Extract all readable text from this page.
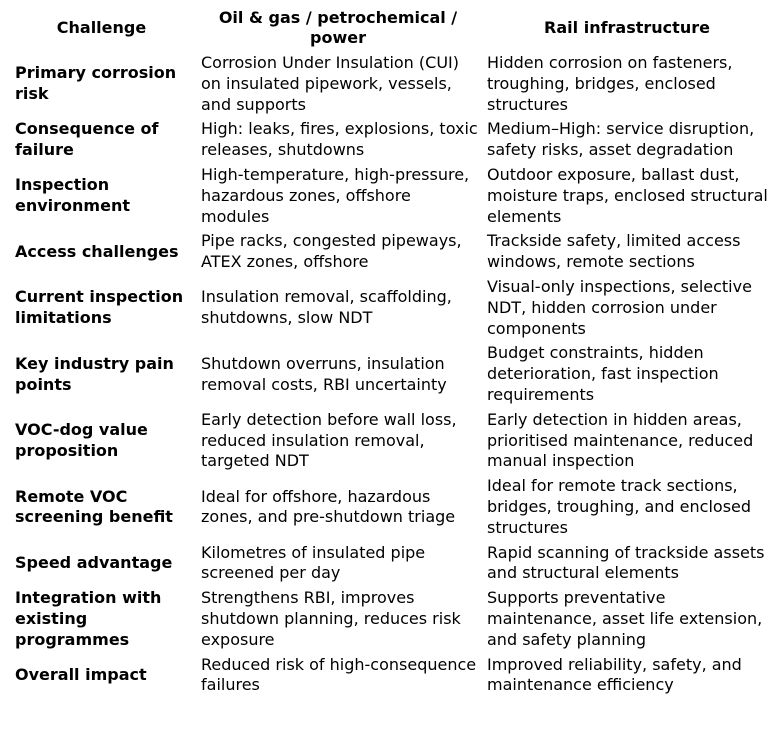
Challenge	Oil & gas / petrochemical / power	Rail infrastructure
Primary corrosion risk	Corrosion Under Insulation (CUI) on insulated pipework, vessels, and supports	Hidden corrosion on fasteners, troughing, bridges, enclosed structures
Consequence of failure	High: leaks, fires, explosions, toxic releases, shutdowns	Medium–High: service disruption, safety risks, asset degradation
Inspection environment	High-temperature, high-pressure, hazardous zones, offshore modules	Outdoor exposure, ballast dust, moisture traps, enclosed structural elements
Access challenges	Pipe racks, congested pipeways, ATEX zones, offshore	Trackside safety, limited access windows, remote sections
Current inspection limitations	Insulation removal, scaffolding, shutdowns, slow NDT	Visual-only inspections, selective NDT, hidden corrosion under components
Key industry pain points	Shutdown overruns, insulation removal costs, RBI uncertainty	Budget constraints, hidden deterioration, fast inspection requirements
VOC-dog value proposition	Early detection before wall loss, reduced insulation removal, targeted NDT	Early detection in hidden areas, prioritised maintenance, reduced manual inspection
Remote VOC screening benefit	Ideal for offshore, hazardous zones, and pre-shutdown triage	Ideal for remote track sections, bridges, troughing, and enclosed structures
Speed advantage	Kilometres of insulated pipe screened per day	Rapid scanning of trackside assets and structural elements
Integration with existing programmes	Strengthens RBI, improves shutdown planning, reduces risk exposure	Supports preventative maintenance, asset life extension, and safety planning
Overall impact	Reduced risk of high-consequence failures	Improved reliability, safety, and maintenance efficiency
